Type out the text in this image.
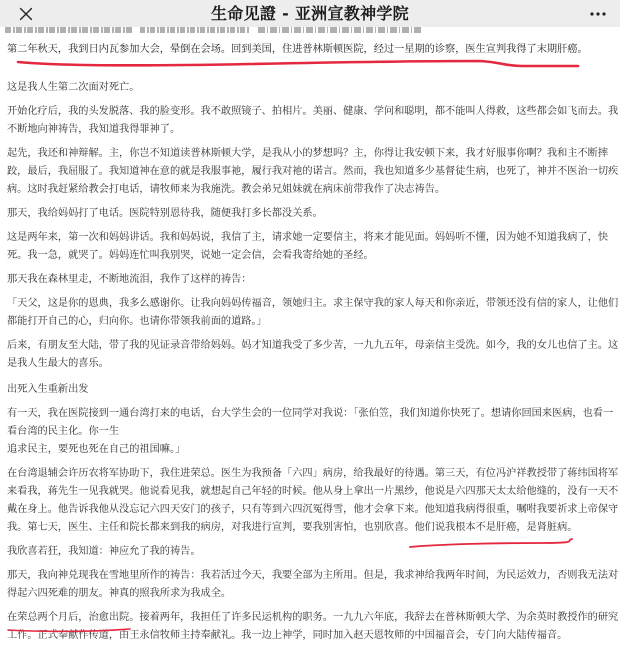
生命见證 - 亚洲宣教神学院
第二年秋天，我到日内瓦参加大会，晕倒在会场。回到美国，住进普林斯顿医院，经过一星期的诊察，医生宣判我得了末期肝癌。
这是我人生第二次面对死亡。
开始化疗后，我的头发脱落、我的脸变形。我不敢照镜子、拍相片。美丽、健康、学问和聪明，都不能叫人得救，这些都会如飞而去。我
不断地向神祷告，我知道我得罪神了。
起先，我还和神辩解。主，你岂不知道读普林斯顿大学，是我从小的梦想吗？主，你得让我安顿下来，我才好服事你啊？我和主不断摔
跤，最后，我屈服了。我知道神在意的就是我服事祂，履行我对祂的诺言。然而，我也知道多少基督徒生病，也死了，神并不医治一切疾
病。这时我赶紧给教会打电话，请牧师来为我施洗。教会弟兄姐妹就在病床前带我作了决志祷告。
那天，我给妈妈打了电话。医院特别恩待我，随便我打多长都没关系。
这是两年来，第一次和妈妈讲话。我和妈妈说，我信了主，请求她一定要信主，将来才能见面。妈妈听不懂，因为她不知道我病了，快
死。我一急，就哭了。妈妈连忙叫我别哭，说她一定会信，会看我寄给她的圣经。
那天我在森林里走，不断地流泪，我作了这样的祷告：
「天父，这是你的恩典，我多么感谢你。让我向妈妈传福音，领她归主。求主保守我的家人每天和你亲近，带领还没有信的家人，让他们
都能打开自己的心，归向你。也请你带领我前面的道路。」
后来，有朋友至大陆，带了我的见证录音带给妈妈。妈才知道我受了多少苦，一九九五年，母亲信主受洗。如今，我的女儿也信了主。这
是我人生最大的喜乐。
出死入生重新出发
有一天，我在医院接到一通台湾打来的电话，台大学生会的一位同学对我说：「张伯笠，我们知道你快死了。想请你回国来医病，也看一
看台湾的民主化。你一生
追求民主，要死也死在自己的祖国嘛。」
在台湾退辅会许历农将军协助下，我住进荣总。医生为我预备「六四」病房，给我最好的待遇。第三天，有位冯沪祥教授带了蒋纬国将军
来看我，蒋先生一见我就哭。他说看见我，就想起自己年轻的时候。他从身上拿出一片黑纱，他说是六四那天太太给他缝的，没有一天不
戴在身上。他告诉我他从没忘记六四天安门的孩子，只有等到六四沉冤得雪，他才会拿下来。他知道我病得很重，嘱咐我要祈求上帝保守
我。第七天，医生、主任和院长都来到我的病房，对我进行宣判，要我别害怕，也别欣喜。他们说我根本不是肝癌，是肾脏病。
我欣喜若狂，我知道：神应允了我的祷告。
那天，我向神兑现我在雪地里所作的祷告：我若活过今天，我要全部为主所用。但是，我求神给我两年时间，为民运效力，否则我无法对
得起六四死难的朋友。神真的照我所求为我成全。
在荣总两个月后，治愈出院。接着两年，我担任了许多民运机构的职务。一九九六年底，我辞去在普林斯顿大学、为余英时教授作的研究
工作。正式奉献作传道，由王永信牧师主持奉献礼。我一边上神学，同时加入赵天恩牧师的中国福音会，专门向大陆传福音。
